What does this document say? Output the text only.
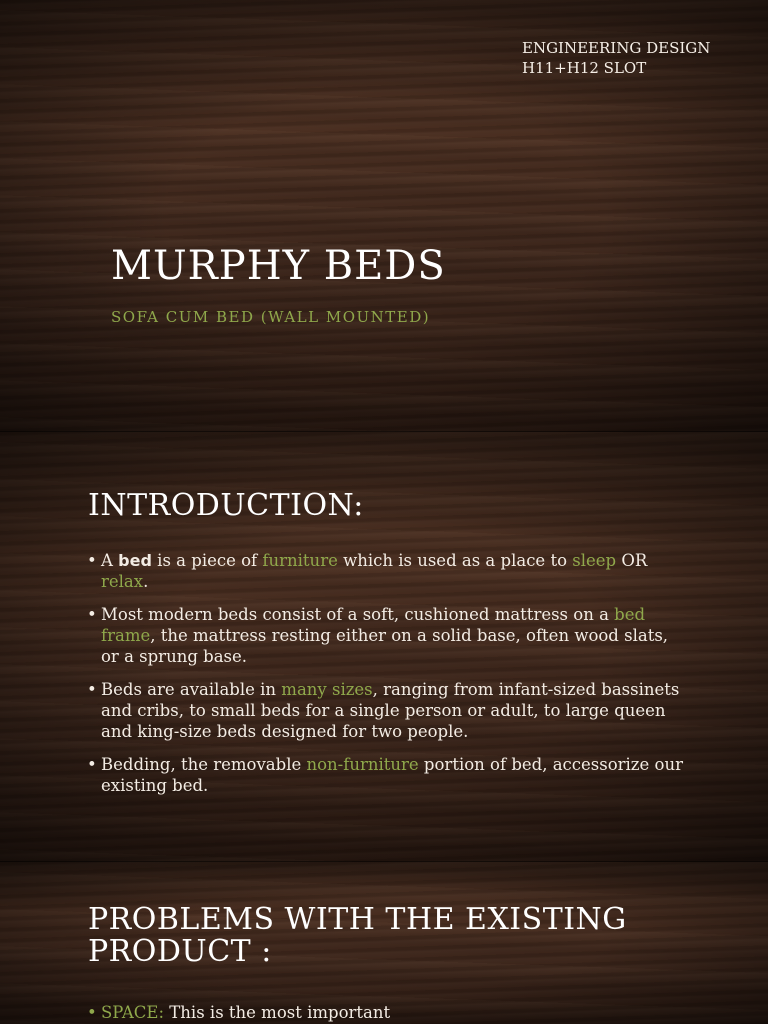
ENGINEERING DESIGN
H11+H12 SLOT
MURPHY BEDS
SOFA CUM BED (WALL MOUNTED)
INTRODUCTION:
• A bed is a piece of furniture which is used as a place to sleep OR relax.
• Most modern beds consist of a soft, cushioned mattress on a bed frame, the mattress resting either on a solid base, often wood slats, or a sprung base.
• Beds are available in many sizes, ranging from infant-sized bassinets and cribs, to small beds for a single person or adult, to large queen and king-size beds designed for two people.
• Bedding, the removable non-furniture portion of bed, accessorize our existing bed.
PROBLEMS WITH THE EXISTING PRODUCT :
• SPACE: This is the most important
